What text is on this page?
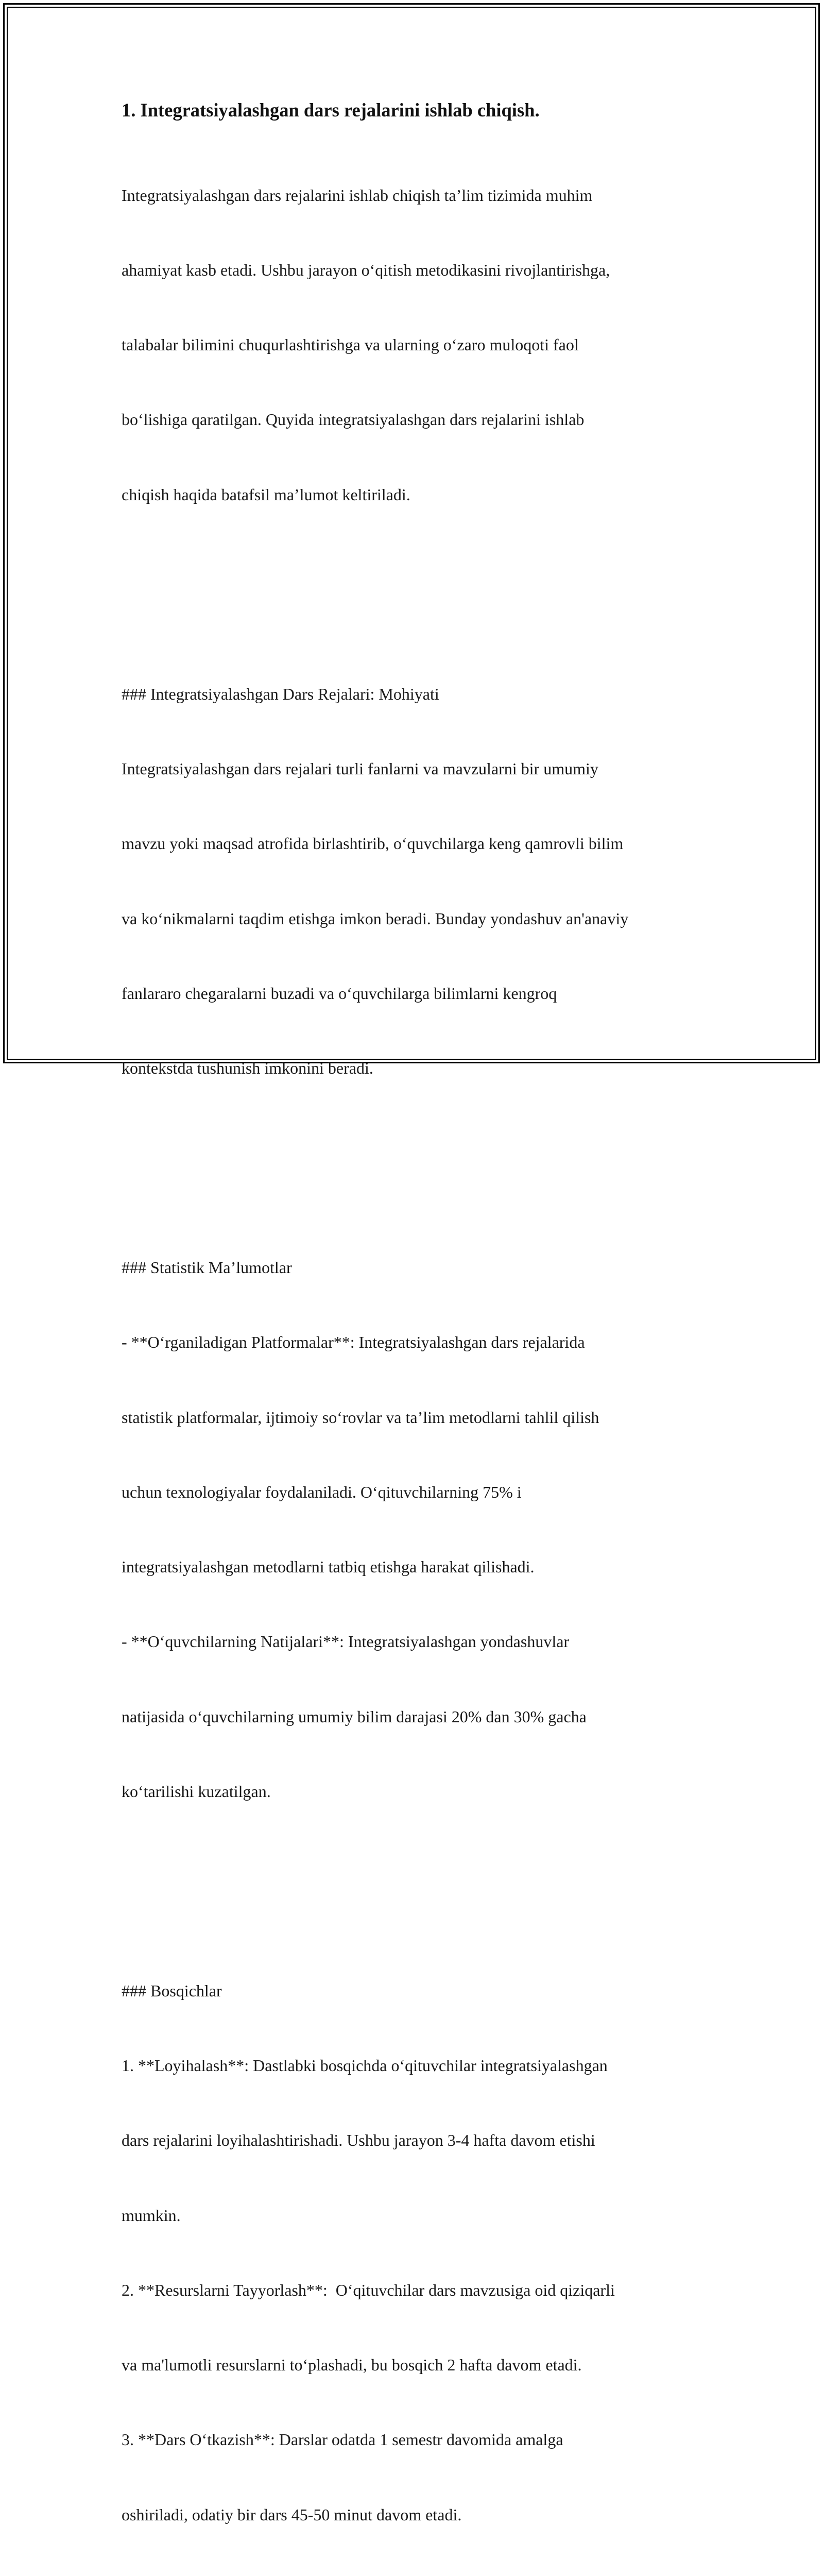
1. Integratsiyalashgan dars rejalarini ishlab chiqish.

Integratsiyalashgan dars rejalarini ishlab chiqish ta’lim tizimida muhim

ahamiyat kasb etadi. Ushbu jarayon o‘qitish metodikasini rivojlantirishga,

talabalar bilimini chuqurlashtirishga va ularning o‘zaro muloqoti faol

bo‘lishiga qaratilgan. Quyida integratsiyalashgan dars rejalarini ishlab

chiqish haqida batafsil ma’lumot keltiriladi.

### Integratsiyalashgan Dars Rejalari: Mohiyati

Integratsiyalashgan dars rejalari turli fanlarni va mavzularni bir umumiy

mavzu yoki maqsad atrofida birlashtirib, o‘quvchilarga keng qamrovli bilim

va ko‘nikmalarni taqdim etishga imkon beradi. Bunday yondashuv an'anaviy

fanlararo chegaralarni buzadi va o‘quvchilarga bilimlarni kengroq

kontekstda tushunish imkonini beradi.

### Statistik Ma’lumotlar

- **O‘rganiladigan Platformalar**: Integratsiyalashgan dars rejalarida

statistik platformalar, ijtimoiy so‘rovlar va ta’lim metodlarni tahlil qilish

uchun texnologiyalar foydalaniladi. O‘qituvchilarning 75% i

integratsiyalashgan metodlarni tatbiq etishga harakat qilishadi.

- **O‘quvchilarning Natijalari**: Integratsiyalashgan yondashuvlar

natijasida o‘quvchilarning umumiy bilim darajasi 20% dan 30% gacha

ko‘tarilishi kuzatilgan.

### Bosqichlar

1. **Loyihalash**: Dastlabki bosqichda o‘qituvchilar integratsiyalashgan

dars rejalarini loyihalashtirishadi. Ushbu jarayon 3-4 hafta davom etishi

mumkin.

2. **Resurslarni Tayyorlash**:  O‘qituvchilar dars mavzusiga oid qiziqarli

va ma'lumotli resurslarni to‘plashadi, bu bosqich 2 hafta davom etadi.

3. **Dars O‘tkazish**: Darslar odatda 1 semestr davomida amalga

oshiriladi, odatiy bir dars 45-50 minut davom etadi.
